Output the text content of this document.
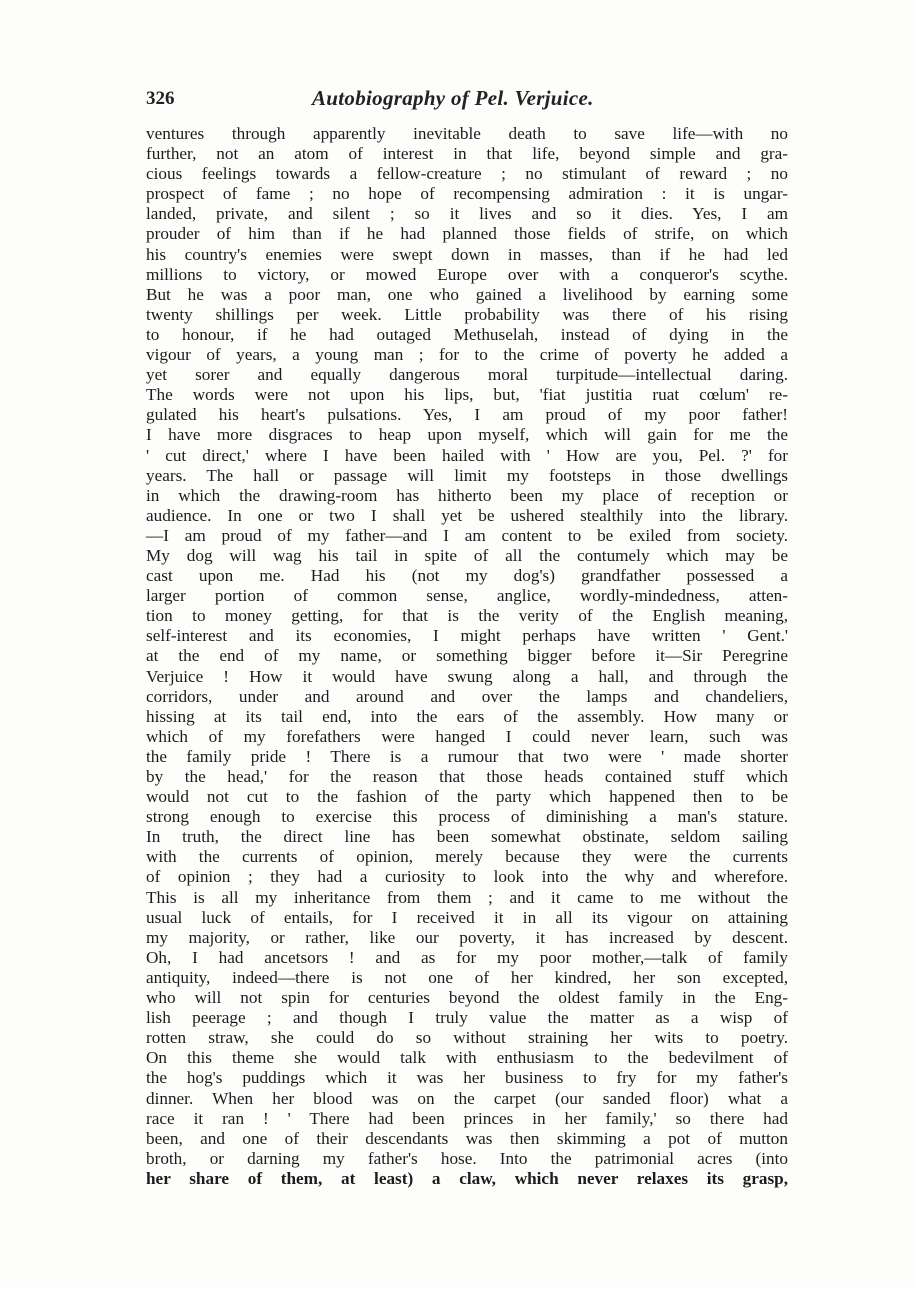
326	Autobiography of Pel. Verjuice.
ventures through apparently inevitable death to save life—with no
further, not an atom of interest in that life, beyond simple and gra-
cious feelings towards a fellow-creature ; no stimulant of reward ; no
prospect of fame ; no hope of recompensing admiration : it is ungar-
landed, private, and silent ; so it lives and so it dies. Yes, I am
prouder of him than if he had planned those fields of strife, on which
his country's enemies were swept down in masses, than if he had led
millions to victory, or mowed Europe over with a conqueror's scythe.
But he was a poor man, one who gained a livelihood by earning some
twenty shillings per week. Little probability was there of his rising
to honour, if he had outaged Methuselah, instead of dying in the
vigour of years, a young man ; for to the crime of poverty he added a
yet sorer and equally dangerous moral turpitude—intellectual daring.
The words were not upon his lips, but, 'fiat justitia ruat cœlum' re-
gulated his heart's pulsations. Yes, I am proud of my poor father!
I have more disgraces to heap upon myself, which will gain for me the
' cut direct,' where I have been hailed with ' How are you, Pel. ?' for
years. The hall or passage will limit my footsteps in those dwellings
in which the drawing-room has hitherto been my place of reception or
audience. In one or two I shall yet be ushered stealthily into the library.
—I am proud of my father—and I am content to be exiled from society.
My dog will wag his tail in spite of all the contumely which may be
cast upon me. Had his (not my dog's) grandfather possessed a
larger portion of common sense, anglice, wordly-mindedness, atten-
tion to money getting, for that is the verity of the English meaning,
self-interest and its economies, I might perhaps have written ' Gent.'
at the end of my name, or something bigger before it—Sir Peregrine
Verjuice ! How it would have swung along a hall, and through the
corridors, under and around and over the lamps and chandeliers,
hissing at its tail end, into the ears of the assembly. How many or
which of my forefathers were hanged I could never learn, such was
the family pride ! There is a rumour that two were ' made shorter
by the head,' for the reason that those heads contained stuff which
would not cut to the fashion of the party which happened then to be
strong enough to exercise this process of diminishing a man's stature.
In truth, the direct line has been somewhat obstinate, seldom sailing
with the currents of opinion, merely because they were the currents
of opinion ; they had a curiosity to look into the why and wherefore.
This is all my inheritance from them ; and it came to me without the
usual luck of entails, for I received it in all its vigour on attaining
my majority, or rather, like our poverty, it has increased by descent.
Oh, I had ancetsors ! and as for my poor mother,—talk of family
antiquity, indeed—there is not one of her kindred, her son excepted,
who will not spin for centuries beyond the oldest family in the Eng-
lish peerage ; and though I truly value the matter as a wisp of
rotten straw, she could do so without straining her wits to poetry.
On this theme she would talk with enthusiasm to the bedevilment of
the hog's puddings which it was her business to fry for my father's
dinner. When her blood was on the carpet (our sanded floor) what a
race it ran ! ' There had been princes in her family,' so there had
been, and one of their descendants was then skimming a pot of mutton
broth, or darning my father's hose. Into the patrimonial acres (into
her share of them, at least) a claw, which never relaxes its grasp,
